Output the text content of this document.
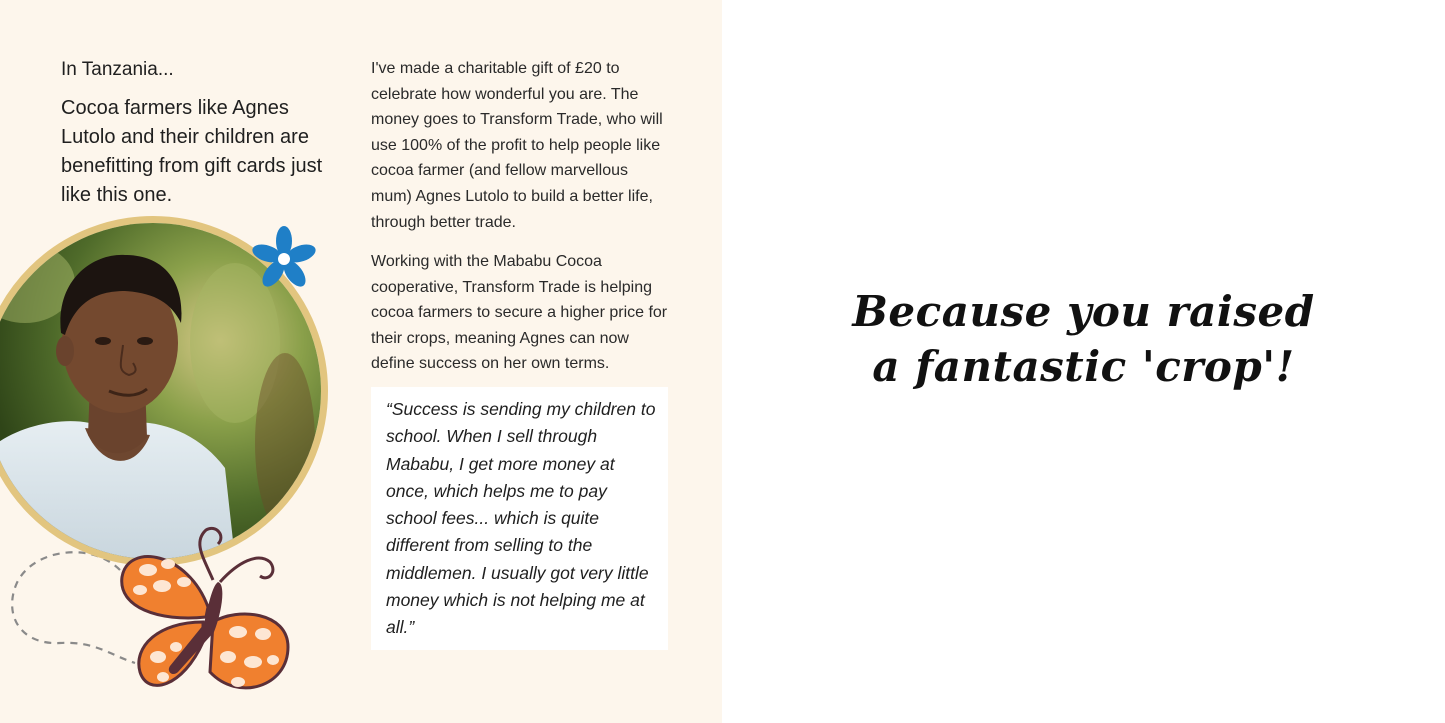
In Tanzania...

Cocoa farmers like Agnes Lutolo and their children are benefitting from gift cards just like this one.

I've made a charitable gift of £20 to celebrate how wonderful you are. The money goes to Transform Trade, who will use 100% of the profit to help people like cocoa farmer (and fellow marvellous mum) Agnes Lutolo to build a better life, through better trade.

Working with the Mababu Cocoa cooperative, Transform Trade is helping cocoa farmers to secure a higher price for their crops, meaning Agnes can now define success on her own terms.

“Success is sending my children to school. When I sell through Mababu, I get more money at once, which helps me to pay school fees... which is quite different from selling to the middlemen. I usually got very little money which is not helping me at all.”

Because you raised
a fantastic 'crop'!
